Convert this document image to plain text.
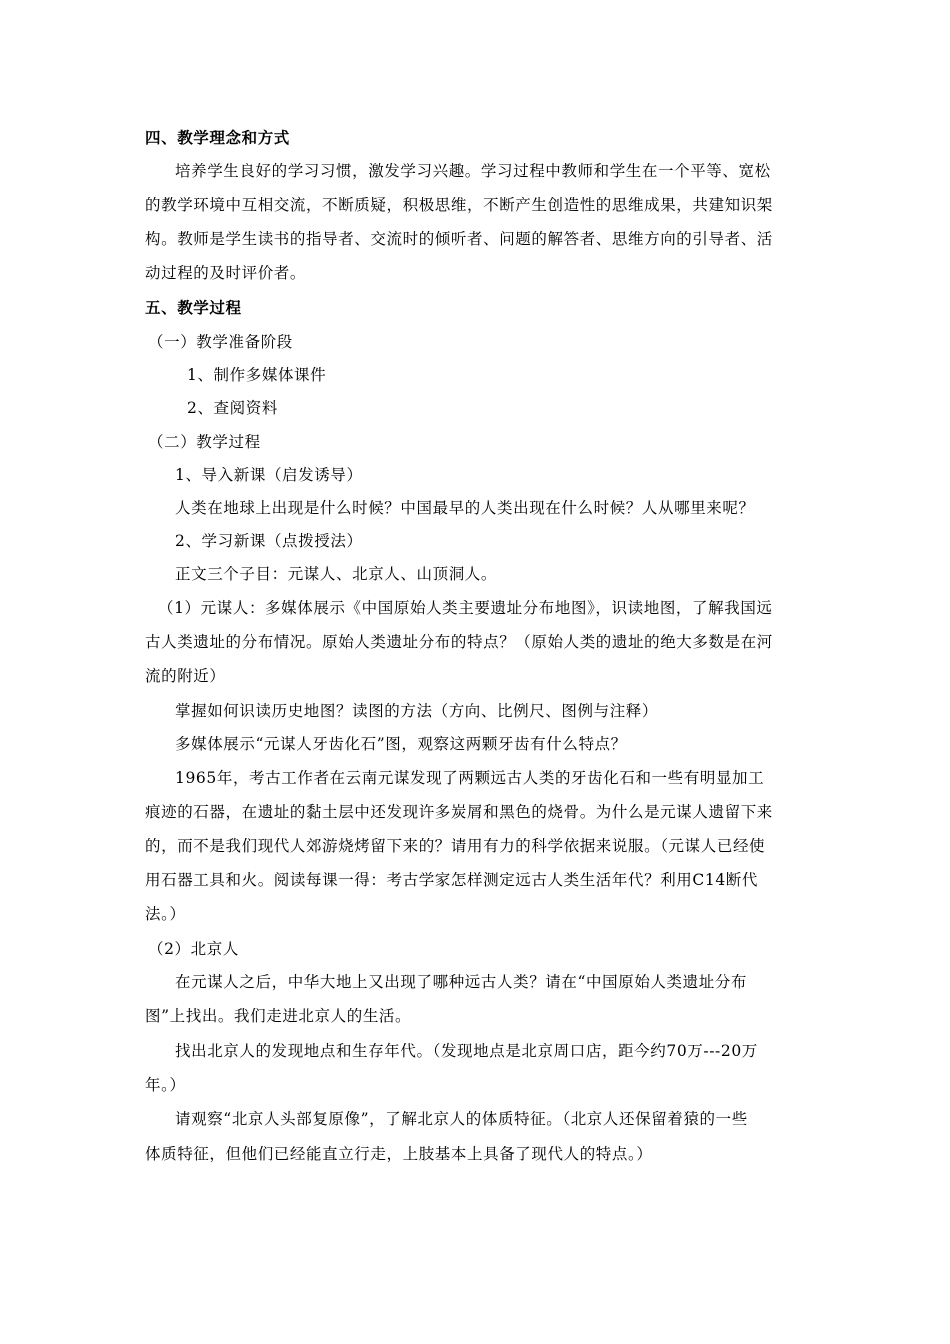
四、教学理念和方式
培养学生良好的学习习惯，激发学习兴趣。学习过程中教师和学生在一个平等、宽松
的教学环境中互相交流，不断质疑，积极思维，不断产生创造性的思维成果，共建知识架
构。教师是学生读书的指导者、交流时的倾听者、问题的解答者、思维方向的引导者、活
动过程的及时评价者。
五、教学过程
（一）教学准备阶段
1、制作多媒体课件
2、查阅资料
（二）教学过程
1、导入新课（启发诱导）
人类在地球上出现是什么时候？中国最早的人类出现在什么时候？人从哪里来呢？
2、学习新课（点拨授法）
正文三个子目：元谋人、北京人、山顶洞人。
（1）元谋人：多媒体展示《中国原始人类主要遗址分布地图》，识读地图，了解我国远
古人类遗址的分布情况。原始人类遗址分布的特点？（原始人类的遗址的绝大多数是在河
流的附近）
掌握如何识读历史地图？读图的方法（方向、比例尺、图例与注释）
多媒体展示“元谋人牙齿化石”图，观察这两颗牙齿有什么特点？
1965年，考古工作者在云南元谋发现了两颗远古人类的牙齿化石和一些有明显加工
痕迹的石器，在遗址的黏土层中还发现许多炭屑和黑色的烧骨。为什么是元谋人遗留下来
的，而不是我们现代人郊游烧烤留下来的？请用有力的科学依据来说服。（元谋人已经使
用石器工具和火。阅读每课一得：考古学家怎样测定远古人类生活年代？利用C14断代
法。）
（2）北京人
在元谋人之后，中华大地上又出现了哪种远古人类？请在“中国原始人类遗址分布
图”上找出。我们走进北京人的生活。
找出北京人的发现地点和生存年代。（发现地点是北京周口店，距今约70万---20万
年。）
请观察“北京人头部复原像”，了解北京人的体质特征。（北京人还保留着猿的一些
体质特征，但他们已经能直立行走，上肢基本上具备了现代人的特点。）
